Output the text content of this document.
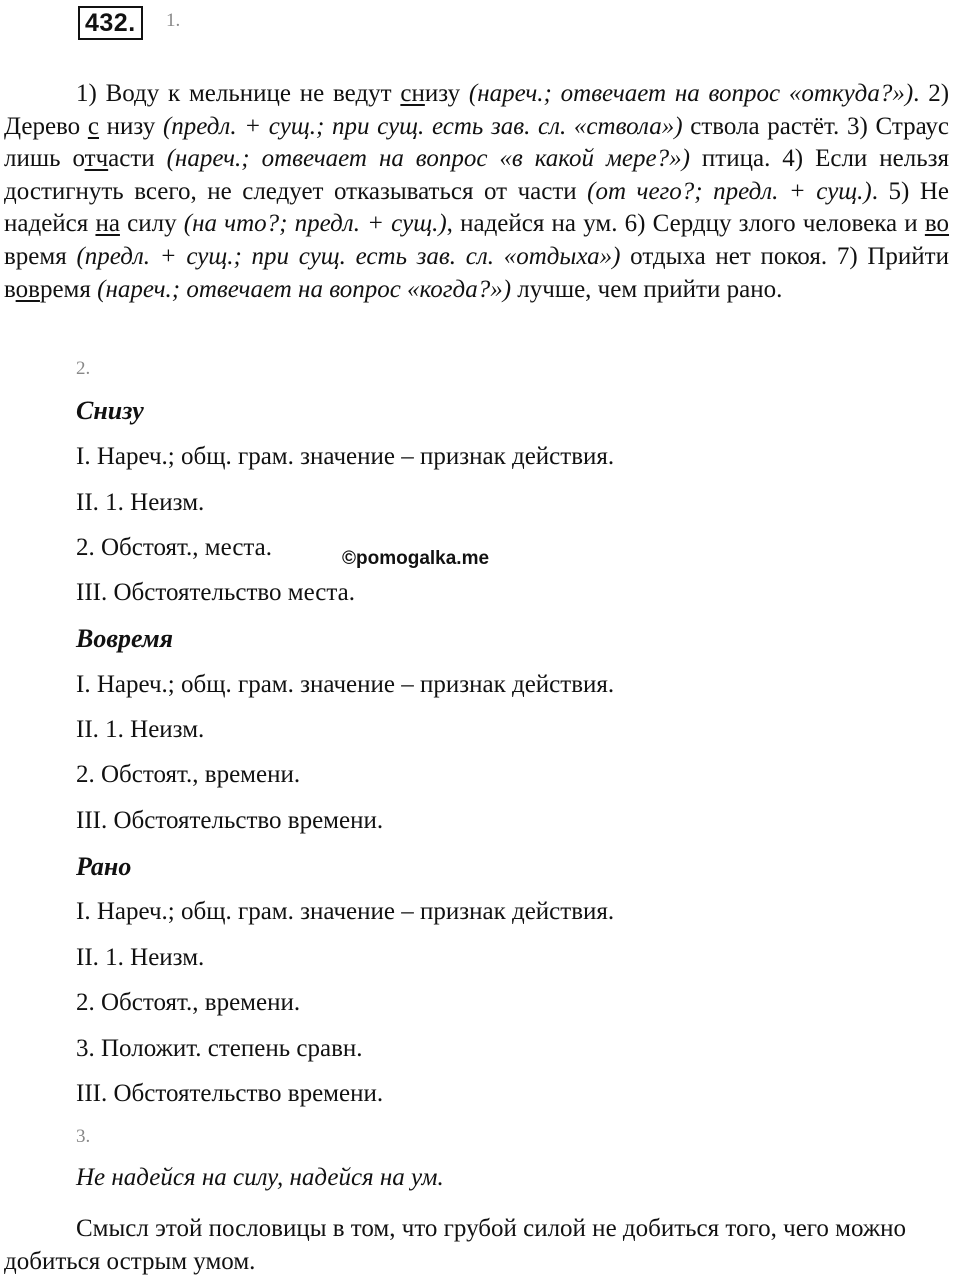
432.	1.
1) Воду к мельнице не ведут снизу (нареч.; отвечает на вопрос «откуда?»). 2) Дерево с низу (предл. + сущ.; при сущ. есть зав. сл. «ствола») ствола растёт. 3) Страус лишь отчасти (нареч.; отвечает на вопрос «в какой мере?») птица. 4) Если нельзя достигнуть всего, не следует отказываться от части (от чего?; предл. + сущ.). 5) Не надейся на силу (на что?; предл. + сущ.), надейся на ум. 6) Сердцу злого человека и во время (предл. + сущ.; при сущ. есть зав. сл. «отдыха») отдыха нет покоя. 7) Прийти вовремя (нареч.; отвечает на вопрос «когда?») лучше, чем прийти рано.
2.
Снизу
I. Нареч.; общ. грам. значение – признак действия.
II. 1. Неизм.
2. Обстоят., места.	©pomogalka.me
III. Обстоятельство места.
Вовремя
I. Нареч.; общ. грам. значение – признак действия.
II. 1. Неизм.
2. Обстоят., времени.
III. Обстоятельство времени.
Рано
I. Нареч.; общ. грам. значение – признак действия.
II. 1. Неизм.
2. Обстоят., времени.
3. Положит. степень сравн.
III. Обстоятельство времени.
3.
Не надейся на силу, надейся на ум.
Смысл этой пословицы в том, что грубой силой не добиться того, чего можно добиться острым умом.
